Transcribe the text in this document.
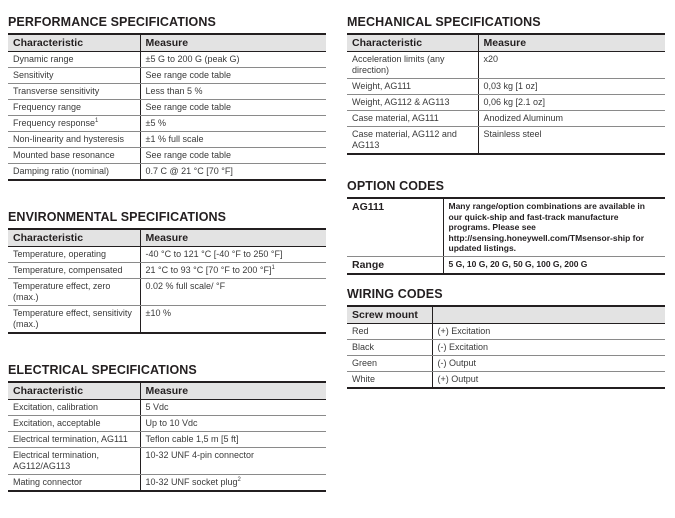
PERFORMANCE SPECIFICATIONS
Characteristic	Measure
Dynamic range	±5 G to 200 G (peak G)
Sensitivity	See range code table
Transverse sensitivity	Less than 5 %
Frequency range	See range code table
Frequency response$^1$	±5 %
Non-linearity and hysteresis	±1 % full scale
Mounted base resonance	See range code table
Damping ratio (nominal)	0.7 C @ 21 °C [70 °F]
ENVIRONMENTAL SPECIFICATIONS
Characteristic	Measure
Temperature, operating	-40 °C to 121 °C [-40 °F to 250 °F]
Temperature, compensated	21 °C to 93 °C [70 °F to 200 °F]$^1$
Temperature effect, zero (max.)	0.02 % full scale/ °F
Temperature effect, sensitivity (max.)	±10 %
ELECTRICAL SPECIFICATIONS
Characteristic	Measure
Excitation, calibration	5 Vdc
Excitation, acceptable	Up to 10 Vdc
Electrical termination, AG111	Teflon cable 1,5 m [5 ft]
Electrical termination, AG112/AG113	10-32 UNF 4-pin connector
Mating connector	10-32 UNF socket plug$^2$
MECHANICAL SPECIFICATIONS
Characteristic	Measure
Acceleration limits (any direction)	x20
Weight, AG111	0,03 kg [1 oz]
Weight, AG112 & AG113	0,06 kg [2.1 oz]
Case material, AG111	Anodized Aluminum
Case material, AG112 and AG113	Stainless steel
OPTION CODES
AG111	Many range/option combinations are available in our quick-ship and fast-track manufacture programs. Please see http://sensing.honeywell.com/TMsensor-ship for updated listings.
Range	5 G, 10 G, 20 G, 50 G, 100 G, 200 G
WIRING CODES
Screw mount	
Red	(+) Excitation
Black	(-) Excitation
Green	(-) Output
White	(+) Output
